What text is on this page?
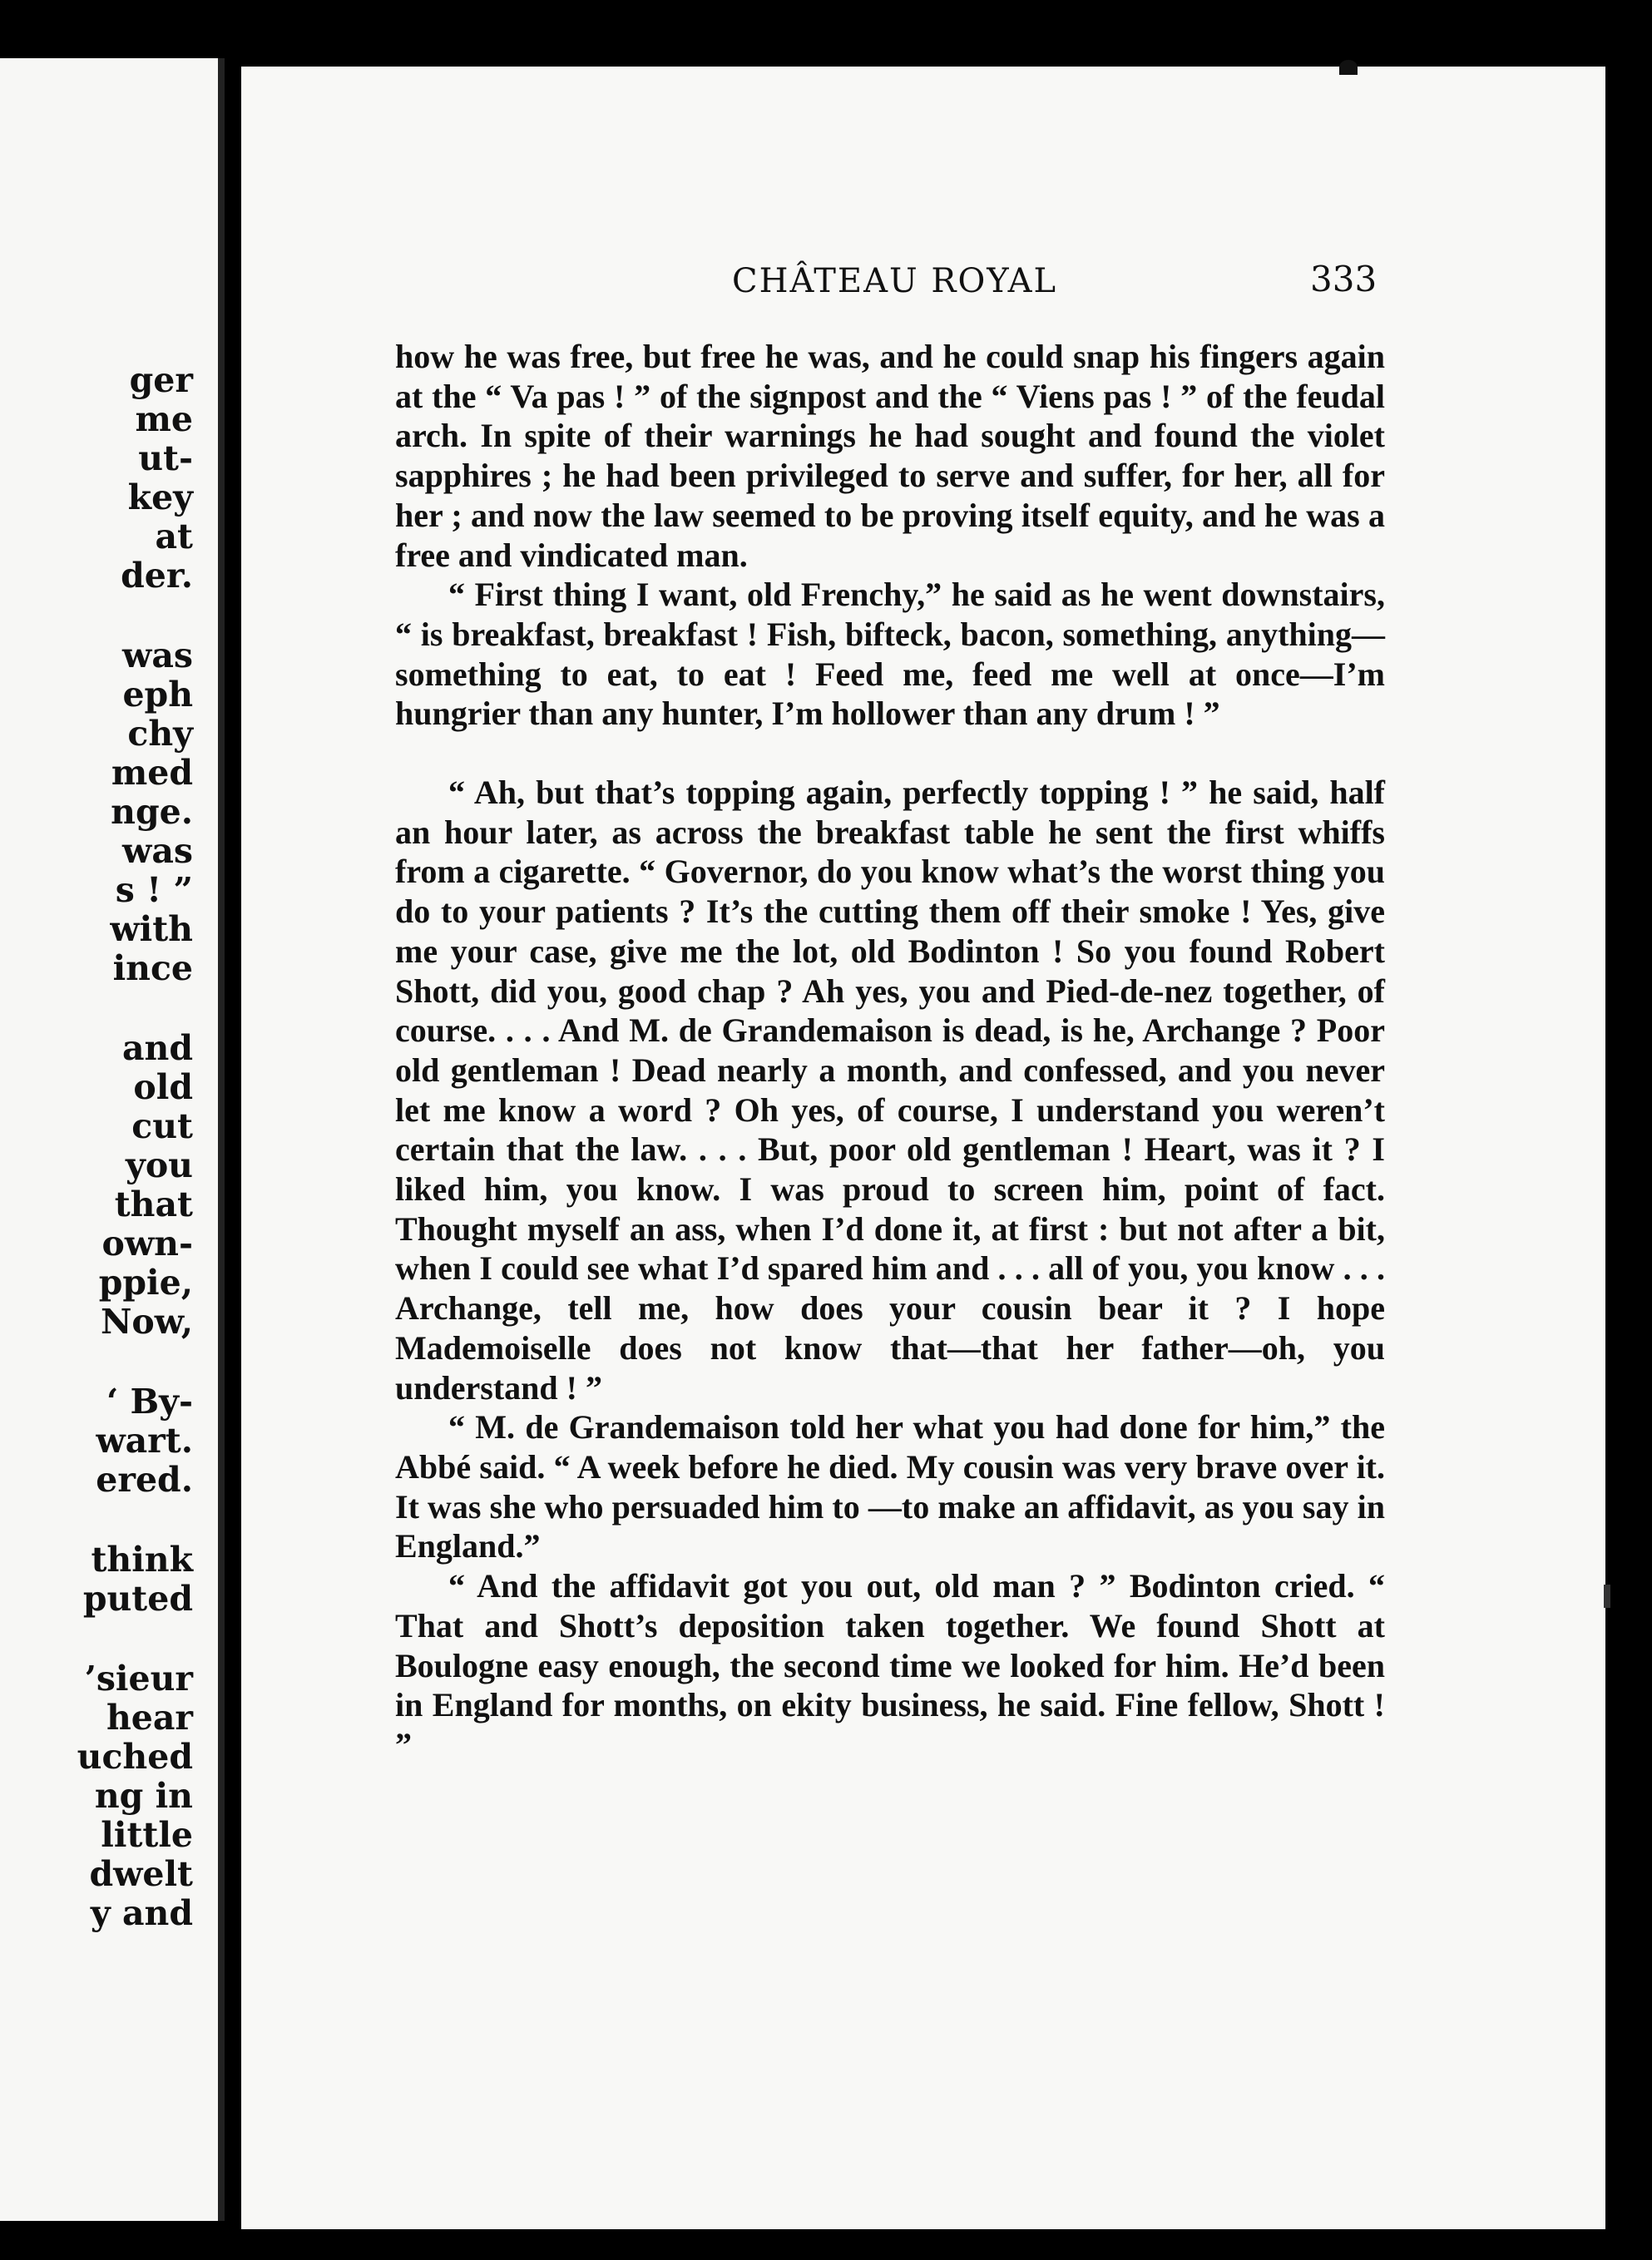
ger
me
ut-
key
at
der.
was
eph
chy
med
nge.
was
s ! ”
with
ince
and
old
cut
you
that
own-
ppie,
Now,
‘ By-
wart.
ered.
think
puted
’sieur
hear
uched
ng in
little
dwelt
y and
CHÂTEAU ROYAL	333

how he was free, but free he was, and he could snap his fingers again at the “ Va pas ! ” of the signpost and the “ Viens pas ! ” of the feudal arch. In spite of their warnings he had sought and found the violet sapphires ; he had been privileged to serve and suffer, for her, all for her ; and now the law seemed to be proving itself equity, and he was a free and vindicated man.

“ First thing I want, old Frenchy,” he said as he went downstairs, “ is breakfast, breakfast ! Fish, bifteck, bacon, something, anything—something to eat, to eat ! Feed me, feed me well at once—I’m hungrier than any hunter, I’m hollower than any drum ! ”

“ Ah, but that’s topping again, perfectly topping ! ” he said, half an hour later, as across the breakfast table he sent the first whiffs from a cigarette. “ Governor, do you know what’s the worst thing you do to your patients ? It’s the cutting them off their smoke ! Yes, give me your case, give me the lot, old Bodinton ! So you found Robert Shott, did you, good chap ? Ah yes, you and Pied-de-nez together, of course. . . . And M. de Grandemaison is dead, is he, Archange ? Poor old gentleman ! Dead nearly a month, and confessed, and you never let me know a word ? Oh yes, of course, I understand you weren’t certain that the law. . . . But, poor old gentleman ! Heart, was it ? I liked him, you know. I was proud to screen him, point of fact. Thought myself an ass, when I’d done it, at first : but not after a bit, when I could see what I’d spared him and . . . all of you, you know . . . Archange, tell me, how does your cousin bear it ? I hope Mademoiselle does not know that—that her father—oh, you understand ! ”

“ M. de Grandemaison told her what you had done for him,” the Abbé said. “ A week before he died. My cousin was very brave over it. It was she who persuaded him to —to make an affidavit, as you say in England.”

“ And the affidavit got you out, old man ? ” Bodinton cried. “ That and Shott’s deposition taken together. We found Shott at Boulogne easy enough, the second time we looked for him. He’d been in England for months, on ekity business, he said. Fine fellow, Shott ! ”
